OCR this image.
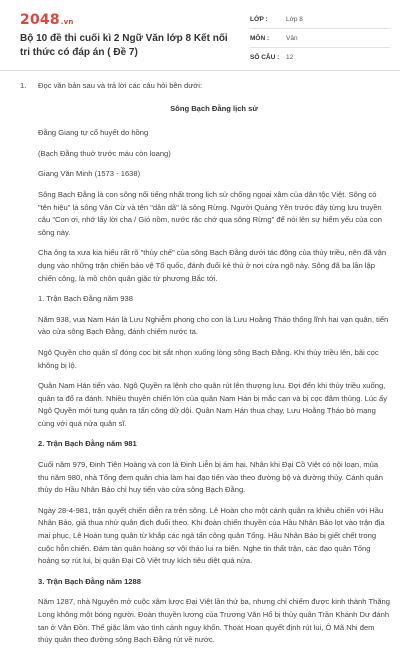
2048.vn
Bộ 10 đề thi cuối kì 2 Ngữ Văn lớp 8 Kết nối tri thức có đáp án ( Đề 7)
LỚP :	Lớp 8
MÔN :	Văn
SỐ CÂU :	12
1. Đọc văn bản sau và trả lời các câu hỏi bên dưới:

Sông Bạch Đằng lịch sử

Đằng Giang tự cổ huyết do hồng

(Bạch Đằng thuở trước máu còn loang)

Giang Văn Minh (1573 - 1638)

Sông Bạch Đằng là con sông nổi tiếng nhất trong lịch sử chống ngoại xâm của dân tộc Việt. Sông có "tên hiệu" là sông Vân Cừ và tên "dân dã" là sông Rừng. Người Quảng Yên trước đây từng lưu truyền câu "Con ơi, nhớ lấy lời cha / Gió nồm, nước rặc chớ qua sông Rừng" để nói lên sự hiểm yếu của con sông này.

Cha ông ta xưa kia hiểu rất rõ "thủy chế" của sông Bạch Đằng dưới tác động của thủy triều, nên đã vận dụng vào những trận chiến bảo vệ Tổ quốc, đánh đuổi kẻ thù ở nơi cửa ngõ này. Sông đã ba lần lập chiến công, là mồ chôn quân giặc từ phương Bắc tới.

1. Trận Bạch Đằng năm 938

Năm 938, vua Nam Hán là Lưu Nghiễm phong cho con là Lưu Hoằng Tháo thống lĩnh hai vạn quân, tiến vào cửa sông Bạch Đằng, đánh chiếm nước ta.

Ngô Quyền cho quân sĩ đóng cọc bịt sắt nhọn xuống lòng sông Bạch Đằng. Khi thủy triều lên, bãi cọc không bị lộ.

Quân Nam Hán tiến vào. Ngô Quyền ra lệnh cho quân rút lên thượng lưu. Đợi đến khi thủy triều xuống, quân ta đổ ra đánh. Nhiều thuyền chiến lớn của quân Nam Hán bị mắc cạn và bị cọc đâm thủng. Lúc ấy Ngô Quyền mới tung quân ra tấn công dữ dội. Quân Nam Hán thua chạy, Lưu Hoằng Tháo bỏ mạng cùng với quá nửa quân sĩ.

2. Trận Bạch Đằng năm 981

Cuối năm 979, Đinh Tiên Hoàng và con là Đinh Liễn bị ám hại. Nhân khi Đại Cồ Việt có nội loạn, mùa thu năm 980, nhà Tống đem quân chia làm hai đạo tiến vào theo đường bộ và đường thủy. Cánh quân thủy do Hầu Nhân Bảo chỉ huy tiến vào cửa sông Bạch Đằng.

Ngày 28-4-981, trận quyết chiến diễn ra trên sông. Lê Hoàn cho một cánh quân ra khiêu chiến với Hầu Nhân Bảo, giả thua nhử quân địch đuổi theo. Khi đoàn chiến thuyền của Hầu Nhân Bảo lọt vào trận địa mai phục, Lê Hoàn tung quân từ khắp các ngả tấn công quân Tống. Hầu Nhân Bảo bị giết chết trong cuộc hỗn chiến. Đám tàn quân hoảng sợ vội tháo lui ra biển. Nghe tin thất trận, các đạo quân Tống hoảng sợ rút lui, bị quân Đại Cồ Việt truy kích tiêu diệt quá nửa.

3. Trận Bạch Đằng năm 1288

Năm 1287, nhà Nguyên mở cuộc xâm lược Đại Việt lần thứ ba, nhưng chỉ chiếm được kinh thành Thăng Long không một bóng người. Đoàn thuyền lương của Trương Văn Hổ bị thủy quân Trần Khánh Dư đánh tan ở Vân Đồn. Thế giặc lâm vào tình cảnh nguy khốn. Thoát Hoan quyết định rút lui, Ô Mã Nhi đem thủy quân theo đường sông Bạch Đằng rút về nước.
